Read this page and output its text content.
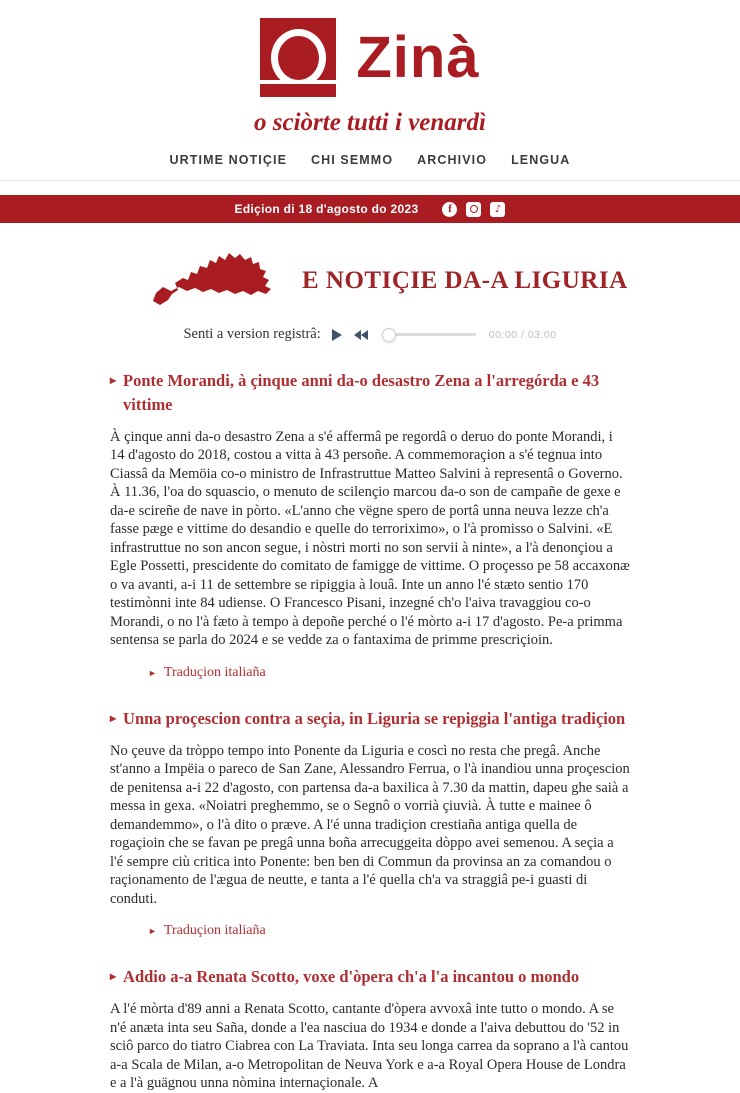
Zinà
o sciòrte tutti i venardì
URTIME NOTIÇIE CHI SEMMO ARCHIVIO LENGUA
Ediçion di 18 d'agosto do 2023	f	♪
E NOTIÇIE DA-A LIGURIA
Senti a version registrâ:	00:00 / 03:00
▸ Ponte Morandi, à çinque anni da-o desastro Zena a l'arregórda e 43 vittime
À çinque anni da-o desastro Zena a s'é affermâ pe regordâ o deruo do ponte Morandi, i 14 d'agosto do 2018, costou a vitta à 43 persoñe. A commemoraçion a s'é tegnua into Ciassâ da Memöia co-o ministro de Infrastruttue Matteo Salvini à representâ o Governo. À 11.36, l'oa do squascio, o menuto de scilençio marcou da-o son de campañe de gexe e da-e scireñe de nave in pòrto. «L'anno che vëgne spero de portâ unna neuva lezze ch'a fasse pæge e vittime do desandio e quelle do terroriximo», o l'à promisso o Salvini. «E infrastruttue no son ancon segue, i nòstri morti no son servii à ninte», a l'à denonçiou a Egle Possetti, prescidente do comitato de famigge de vittime. O proçesso pe 58 accaxonæ o va avanti, a-i 11 de settembre se ripiggia à louâ. Inte un anno l'é stæto sentio 170 testimònni inte 84 udiense. O Francesco Pisani, inzegné ch'o l'aiva travaggiou co-o Morandi, o no l'à fæto à tempo à depoñe perché o l'é mòrto a-i 17 d'agosto. Pe-a primma sentensa se parla do 2024 e se vedde za o fantaxima de primme prescriçioin.
► Traduçion italiaña
▸ Unna proçescion contra a seçia, in Liguria se repiggia l'antiga tradiçion
No çeuve da tròppo tempo into Ponente da Liguria e coscì no resta che pregâ. Anche st'anno a Impëia o pareco de San Zane, Alessandro Ferrua, o l'à inandiou unna proçescion de penitensa a-i 22 d'agosto, con partensa da-a baxilica à 7.30 da mattin, dapeu ghe saià a messa in gexa. «Noiatri preghemmo, se o Segnô o vorrià çiuvià. À tutte e mainee ô demandemmo», o l'à dito o præve. A l'é unna tradiçion crestiaña antiga quella de rogaçioin che se favan pe pregâ unna boña arrecuggeita dòppo avei semenou. A seçia a l'é sempre ciù critica into Ponente: ben ben di Commun da provinsa an za comandou o raçionamento de l'ægua de neutte, e tanta a l'é quella ch'a va straggiâ pe-i guasti di conduti.
► Traduçion italiaña
▸ Addio a-a Renata Scotto, voxe d'òpera ch'a l'a incantou o mondo
A l'é mòrta d'89 anni a Renata Scotto, cantante d'òpera avvoxâ inte tutto o mondo. A se n'é anæta inta seu Saña, donde a l'ea nasciua do 1934 e donde a l'aiva debuttou do '52 in sciô parco do tiatro Ciabrea con La Traviata. Inta seu longa carrea da soprano a l'à cantou a-a Scala de Milan, a-o Metropolitan de Neuva York e a-a Royal Opera House de Londra e a l'à guägnou unna nòmina internaçionale. A
